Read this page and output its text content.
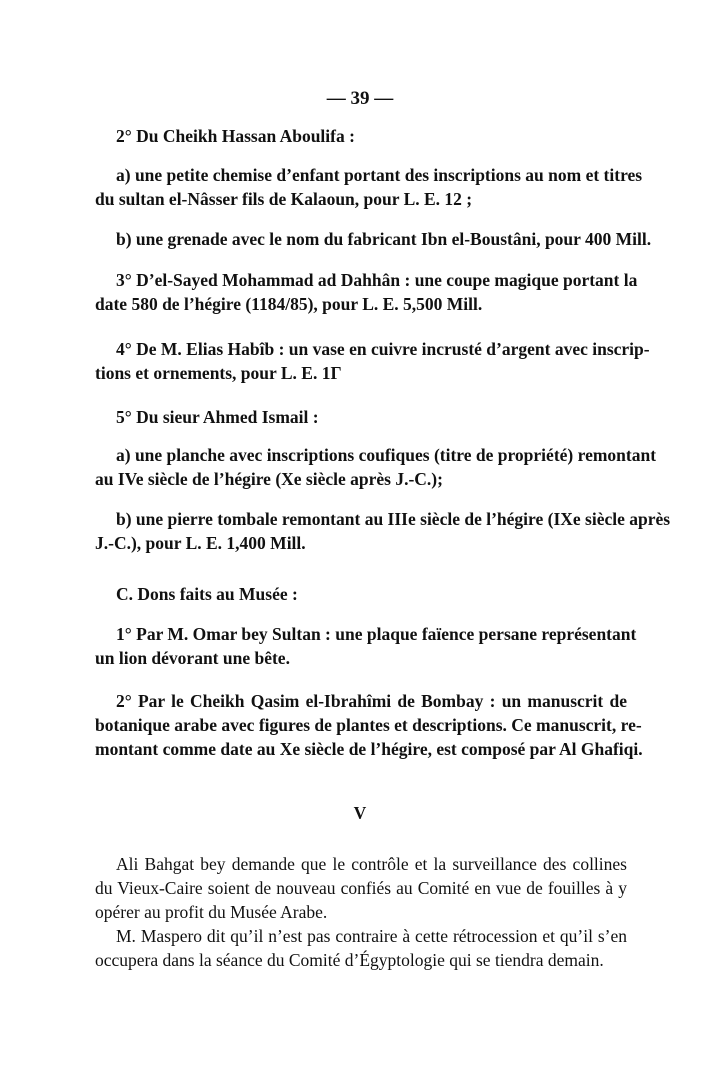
— 39 —
2° Du Cheikh Hassan Aboulifa :
a) une petite chemise d’enfant portant des inscriptions au nom et titres
du sultan el-Nâsser fils de Kalaoun, pour L. E. 12 ;
b) une grenade avec le nom du fabricant Ibn el-Boustâni, pour 400 Mill.
3° D’el-Sayed Mohammad ad Dahhân : une coupe magique portant la
date 580 de l’hégire (1184/85), pour L. E. 5,500 Mill.
4° De M. Elias Habîb : un vase en cuivre incrusté d’argent avec inscrip-
tions et ornements, pour L. E. 1Γ
5° Du sieur Ahmed Ismail :
a) une planche avec inscriptions coufiques (titre de propriété) remontant
au IVe siècle de l’hégire (Xe siècle après J.-C.);
b) une pierre tombale remontant au IIIe siècle de l’hégire (IXe siècle après
J.-C.), pour L. E. 1,400 Mill.
C. Dons faits au Musée :
1° Par M. Omar bey Sultan : une plaque faïence persane représentant
un lion dévorant une bête.
2° Par le Cheikh Qasim el-Ibrahîmi de Bombay : un manuscrit de
botanique arabe avec figures de plantes et descriptions. Ce manuscrit, re-
montant comme date au Xe siècle de l’hégire, est composé par Al Ghafiqi.
V
Ali Bahgat bey demande que le contrôle et la surveillance des collines
du Vieux-Caire soient de nouveau confiés au Comité en vue de fouilles à y
opérer au profit du Musée Arabe.
M. Maspero dit qu’il n’est pas contraire à cette rétrocession et qu’il s’en
occupera dans la séance du Comité d’Égyptologie qui se tiendra demain.
